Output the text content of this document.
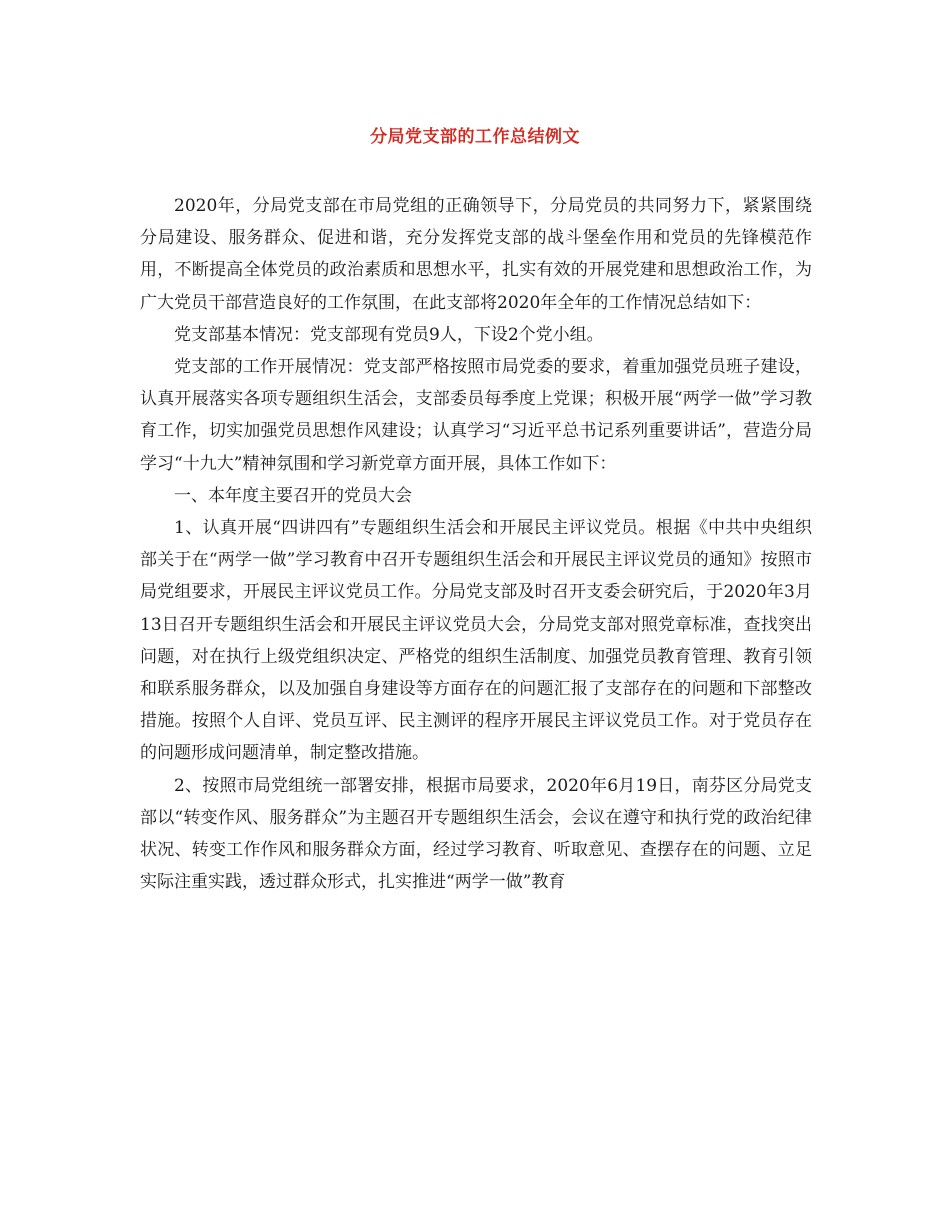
分局党支部的工作总结例文

2020年，分局党支部在市局党组的正确领导下，分局党员的共同努力下，紧紧围绕分局建设、服务群众、促进和谐，充分发挥党支部的战斗堡垒作用和党员的先锋模范作用，不断提高全体党员的政治素质和思想水平，扎实有效的开展党建和思想政治工作，为广大党员干部营造良好的工作氛围，在此支部将2020年全年的工作情况总结如下：

党支部基本情况：党支部现有党员9人，下设2个党小组。

党支部的工作开展情况：党支部严格按照市局党委的要求，着重加强党员班子建设，认真开展落实各项专题组织生活会，支部委员每季度上党课；积极开展“两学一做”学习教育工作，切实加强党员思想作风建设；认真学习“习近平总书记系列重要讲话”，营造分局学习“十九大”精神氛围和学习新党章方面开展，具体工作如下：

一、本年度主要召开的党员大会

1、认真开展“四讲四有”专题组织生活会和开展民主评议党员。根据《中共中央组织部关于在“两学一做”学习教育中召开专题组织生活会和开展民主评议党员的通知》按照市局党组要求，开展民主评议党员工作。分局党支部及时召开支委会研究后，于2020年3月13日召开专题组织生活会和开展民主评议党员大会，分局党支部对照党章标准，查找突出问题，对在执行上级党组织决定、严格党的组织生活制度、加强党员教育管理、教育引领和联系服务群众，以及加强自身建设等方面存在的问题汇报了支部存在的问题和下部整改措施。按照个人自评、党员互评、民主测评的程序开展民主评议党员工作。对于党员存在的问题形成问题清单，制定整改措施。

2、按照市局党组统一部署安排，根据市局要求，2020年6月19日，南芬区分局党支部以“转变作风、服务群众”为主题召开专题组织生活会，会议在遵守和执行党的政治纪律状况、转变工作作风和服务群众方面，经过学习教育、听取意见、查摆存在的问题、立足实际注重实践，透过群众形式，扎实推进“两学一做”教育
